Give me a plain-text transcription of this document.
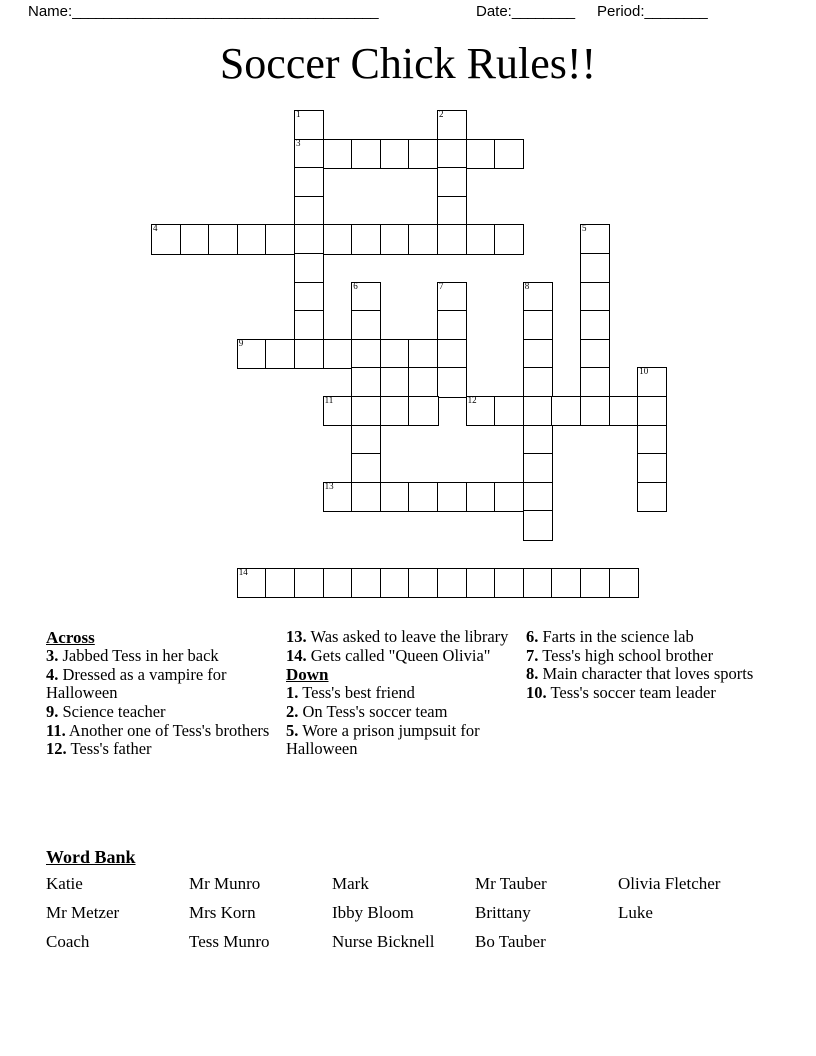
Name:_______________________________________	Date:________ Period:________
Soccer Chick Rules!!
1	2
3
4	5
6	7	8
9
10
11	12
13
14
Across
3. Jabbed Tess in her back
4. Dressed as a vampire for Halloween
9. Science teacher
11. Another one of Tess's brothers
12. Tess's father
13. Was asked to leave the library
14. Gets called "Queen Olivia"
Down
1. Tess's best friend
2. On Tess's soccer team
5. Wore a prison jumpsuit for Halloween
6. Farts in the science lab
7. Tess's high school brother
8. Main character that loves sports
10. Tess's soccer team leader
Word Bank
Katie	Mr Munro	Mark	Mr Tauber	Olivia Fletcher
Mr Metzer	Mrs Korn	Ibby Bloom	Brittany	Luke
Coach	Tess Munro	Nurse Bicknell	Bo Tauber
